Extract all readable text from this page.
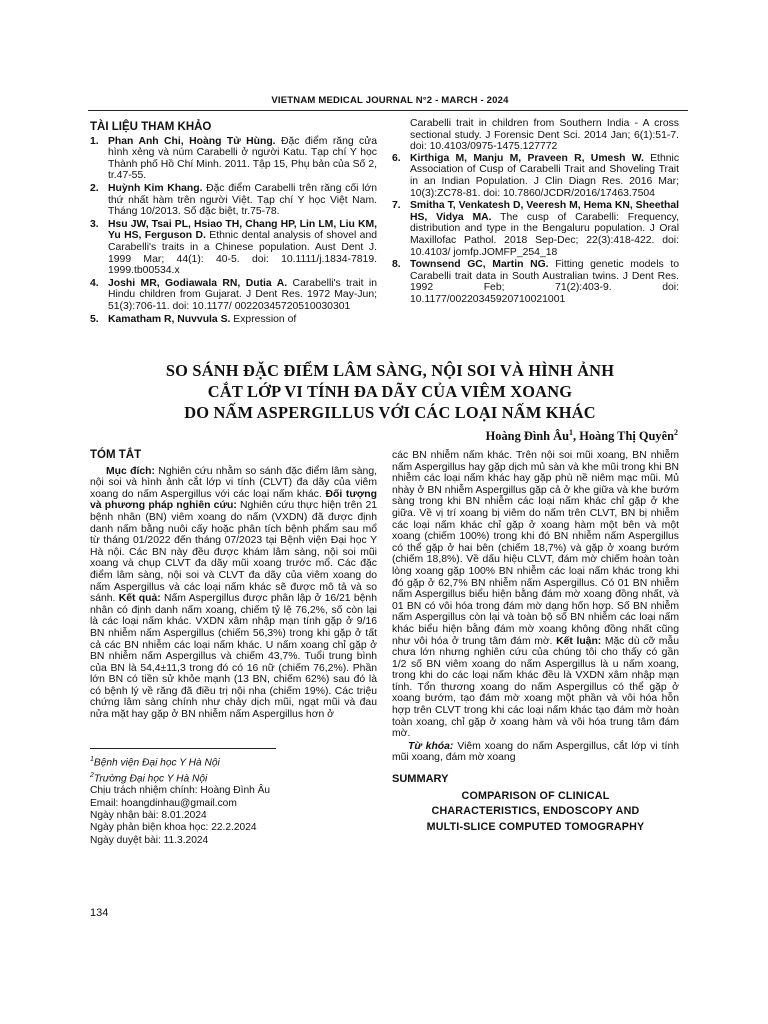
VIETNAM MEDICAL JOURNAL N°2 - MARCH - 2024
TÀI LIỆU THAM KHẢO
1. Phan Anh Chi, Hoàng Tử Hùng. Đặc điểm răng cửa hình xẻng và núm Carabelli ở người Katu. Tạp chí Y học Thành phố Hồ Chí Minh. 2011. Tập 15, Phụ bản của Số 2, tr.47-55.
2. Huỳnh Kim Khang. Đặc điểm Carabelli trên răng cối lớn thứ nhất hàm trên người Việt. Tạp chí Y học Việt Nam. Tháng 10/2013. Số đặc biệt, tr.75-78.
3. Hsu JW, Tsai PL, Hsiao TH, Chang HP, Lin LM, Liu KM, Yu HS, Ferguson D. Ethnic dental analysis of shovel and Carabelli's traits in a Chinese population. Aust Dent J. 1999 Mar; 44(1): 40-5. doi: 10.1111/j.1834-7819. 1999.tb00534.x
4. Joshi MR, Godiawala RN, Dutia A. Carabelli's trait in Hindu children from Gujarat. J Dent Res. 1972 May-Jun; 51(3):706-11. doi: 10.1177/ 00220345720510030301
5. Kamatham R, Nuvvula S. Expression of
Carabelli trait in children from Southern India - A cross sectional study. J Forensic Dent Sci. 2014 Jan; 6(1):51-7. doi: 10.4103/0975-1475.127772
6. Kirthiga M, Manju M, Praveen R, Umesh W. Ethnic Association of Cusp of Carabelli Trait and Shoveling Trait in an Indian Population. J Clin Diagn Res. 2016 Mar; 10(3):ZC78-81. doi: 10.7860/JCDR/2016/17463.7504
7. Smitha T, Venkatesh D, Veeresh M, Hema KN, Sheethal HS, Vidya MA. The cusp of Carabelli: Frequency, distribution and type in the Bengaluru population. J Oral Maxillofac Pathol. 2018 Sep-Dec; 22(3):418-422. doi: 10.4103/ jomfp.JOMFP_254_18
8. Townsend GC, Martin NG. Fitting genetic models to Carabelli trait data in South Australian twins. J Dent Res. 1992 Feb; 71(2):403-9. doi: 10.1177/00220345920710021001
SO SÁNH ĐẶC ĐIỂM LÂM SÀNG, NỘI SOI VÀ HÌNH ẢNH
CẮT LỚP VI TÍNH ĐA DÃY CỦA VIÊM XOANG
DO NẤM ASPERGILLUS VỚI CÁC LOẠI NẤM KHÁC
Hoàng Đình $Âu^1$, Hoàng Thị Quyên$^2$
TÓM TẮT
Mục đích: Nghiên cứu nhằm so sánh đặc điểm lâm sàng, nội soi và hình ảnh cắt lớp vi tính (CLVT) đa dãy của viêm xoang do nấm Aspergillus với các loại nấm khác. Đối tượng và phương pháp nghiên cứu: Nghiên cứu thực hiện trên 21 bệnh nhân (BN) viêm xoang do nấm (VXDN) đã được định danh nấm bằng nuôi cấy hoặc phân tích bệnh phẩm sau mổ từ tháng 01/2022 đến tháng 07/2023 tại Bệnh viện Đại học Y Hà nội. Các BN này đều được khám lâm sàng, nội soi mũi xoang và chụp CLVT đa dãy mũi xoang trước mổ. Các đặc điểm lâm sàng, nội soi và CLVT đa dãy của viêm xoang do nấm Aspergillus và các loại nấm khác sẽ được mô tả và so sánh. Kết quả: Nấm Aspergillus được phân lập ở 16/21 bệnh nhân có định danh nấm xoang, chiếm tỷ lệ 76,2%, số còn lại là các loại nấm khác. VXDN xâm nhập mạn tính gặp ở 9/16 BN nhiễm nấm Aspergillus (chiếm 56,3%) trong khi gặp ở tất cả các BN nhiễm các loại nấm khác. U nấm xoang chỉ gặp ở BN nhiễm nấm Aspergillus và chiếm 43,7%. Tuổi trung bình của BN là 54,4±11,3 trong đó có 16 nữ (chiếm 76,2%). Phần lớn BN có tiền sử khỏe mạnh (13 BN, chiếm 62%) sau đó là có bệnh lý về răng đã điều trị nội nha (chiếm 19%). Các triệu chứng lâm sàng chính như chảy dịch mũi, ngạt mũi và đau nửa mặt hay gặp ở BN nhiễm nấm Aspergillus hơn ở
$^1$Bệnh viện Đại học Y Hà Nội
$^2$Trường Đại học Y Hà Nội
Chịu trách nhiệm chính: Hoàng Đình Âu
Email: hoangdinhau@gmail.com
Ngày nhận bài: 8.01.2024
Ngày phản biện khoa học: 22.2.2024
Ngày duyệt bài: 11.3.2024
các BN nhiễm nấm khác. Trên nội soi mũi xoang, BN nhiễm nấm Aspergillus hay gặp dịch mủ sàn và khe mũi trong khi BN nhiễm các loại nấm khác hay gặp phù nề niêm mạc mũi. Mủ nhày ở BN nhiễm Aspergillus gặp cả ở khe giữa và khe bướm sàng trong khi BN nhiễm các loại nấm khác chỉ gặp ở khe giữa. Về vị trí xoang bị viêm do nấm trên CLVT, BN bị nhiễm các loại nấm khác chỉ gặp ở xoang hàm một bên và một xoang (chiếm 100%) trong khi đó BN nhiễm nấm Aspergillus có thể gặp ở hai bên (chiếm 18,7%) và gặp ở xoang bướm (chiếm 18,8%). Về dấu hiệu CLVT, đám mờ chiếm hoàn toàn lòng xoang gặp 100% BN nhiễm các loại nấm khác trong khi đó gặp ở 62,7% BN nhiễm nấm Aspergillus. Có 01 BN nhiễm nấm Aspergillus biểu hiện bằng đám mờ xoang đồng nhất, và 01 BN có vôi hóa trong đám mờ dạng hốn hợp. Số BN nhiễm nấm Aspergillus còn lại và toàn bộ số BN nhiễm các loại nấm khác biểu hiện bằng đám mờ xoang không đồng nhất cũng như vôi hóa ở trung tâm đám mờ. Kết luận: Mặc dù cỡ mẫu chưa lớn nhưng nghiên cứu của chúng tôi cho thấy có gần 1/2 số BN viêm xoang do nấm Aspergillus là u nấm xoang, trong khi do các loại nấm khác đều là VXDN xâm nhập mạn tính. Tổn thương xoang do nấm Aspergillus có thể gặp ở xoang bướm, tạo đám mờ xoang một phần và vôi hóa hỗn hợp trên CLVT trong khi các loại nấm khác tạo đám mờ hoàn toàn xoang, chỉ gặp ở xoang hàm và vôi hóa trung tâm đám mờ.
Từ khóa: Viêm xoang do nấm Aspergillus, cắt lớp vi tính mũi xoang, đám mờ xoang
SUMMARY
COMPARISON OF CLINICAL
CHARACTERISTICS, ENDOSCOPY AND
MULTI-SLICE COMPUTED TOMOGRAPHY
134
